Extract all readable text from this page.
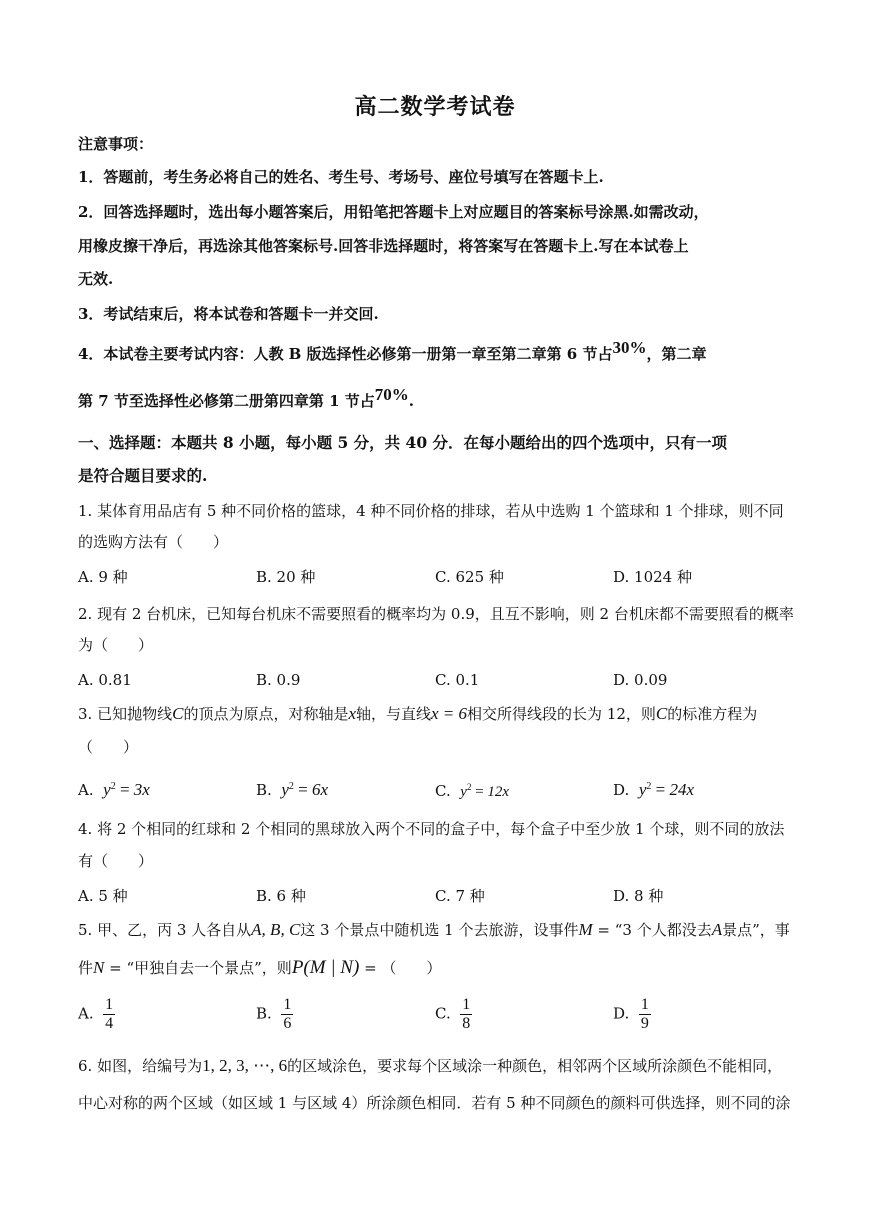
高二数学考试卷
注意事项：
1．答题前，考生务必将自己的姓名、考生号、考场号、座位号填写在答题卡上.
2．回答选择题时，选出每小题答案后，用铅笔把答题卡上对应题目的答案标号涂黑.如需改动，
用橡皮擦干净后，再选涂其他答案标号.回答非选择题时，将答案写在答题卡上.写在本试卷上
无效.
3．考试结束后，将本试卷和答题卡一并交回.
4．本试卷主要考试内容：人教 B 版选择性必修第一册第一章至第二章第 6 节占30%，第二章
第 7 节至选择性必修第二册第四章第 1 节占70%.
一、选择题：本题共 8 小题，每小题 5 分，共 40 分．在每小题给出的四个选项中，只有一项
是符合题目要求的.
1. 某体育用品店有 5 种不同价格的篮球，4 种不同价格的排球，若从中选购 1 个篮球和 1 个排球，则不同
的选购方法有（　　）
A. 9 种	B. 20 种	C. 625 种	D. 1024 种
2. 现有 2 台机床，已知每台机床不需要照看的概率均为 0.9，且互不影响，则 2 台机床都不需要照看的概率
为（　　）
A. 0.81	B. 0.9	C. 0.1	D. 0.09
3. 已知抛物线C的顶点为原点，对称轴是x轴，与直线x = 6相交所得线段的长为 12，则C的标准方程为
（　　）
A. $y^2 = 3x$	B. $y^2 = 6x$	C. $y^2 = 12x$	D. $y^2 = 24x$
4. 将 2 个相同的红球和 2 个相同的黑球放入两个不同的盒子中，每个盒子中至少放 1 个球，则不同的放法
有（　　）
A. 5 种	B. 6 种	C. 7 种	D. 8 种
5. 甲、乙，丙 3 人各自从A, B, C这 3 个景点中随机选 1 个去旅游，设事件M = “3 个人都没去A景点”，事
件N = “甲独自去一个景点”，则P(M | N) = （　　）
A. $\frac{1}{4}$	B. $\frac{1}{6}$	C. $\frac{1}{8}$	D. $\frac{1}{9}$
6. 如图，给编号为1, 2, 3, ⋯, 6的区域涂色，要求每个区域涂一种颜色，相邻两个区域所涂颜色不能相同，
中心对称的两个区域（如区域 1 与区域 4）所涂颜色相同．若有 5 种不同颜色的颜料可供选择，则不同的涂
